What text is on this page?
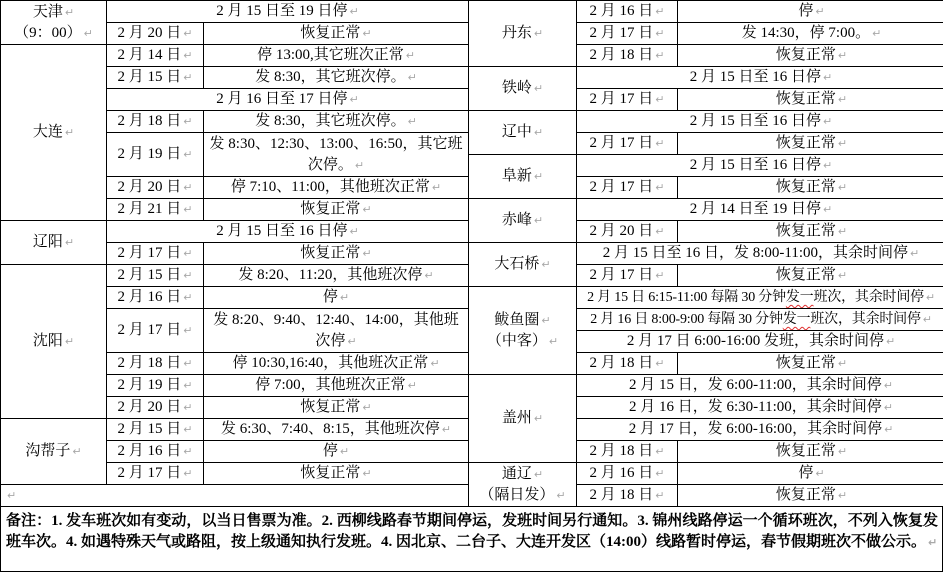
天津 ↵
（9：00） ↵	2 月 15 日至 19 日停 ↵
	2 月 20 日 ↵	恢复正常 ↵

大连 ↵	2 月 14 日 ↵	停 13:00,其它班次正常 ↵
	2 月 15 日 ↵	发 8:30，其它班次停。 ↵
	2 月 16 日至 17 日停 ↵
	2 月 18 日 ↵	发 8:30，其它班次停。 ↵
	2 月 19 日 ↵	发 8:30、12:30、13:00、16:50，其它班次停。 ↵
	2 月 20 日 ↵	停 7:10、11:00，其他班次正常 ↵
	2 月 21 日 ↵	恢复正常 ↵

辽阳 ↵	2 月 15 日至 16 日停 ↵
	2 月 17 日 ↵	恢复正常 ↵

沈阳 ↵	2 月 15 日 ↵	发 8:20、11:20，其他班次停 ↵
	2 月 16 日 ↵	停 ↵
	2 月 17 日 ↵	发 8:20、9:40、12:40、14:00，其他班次停 ↵
	2 月 18 日 ↵	停 10:30,16:40，其他班次正常 ↵
	2 月 19 日 ↵	停 7:00，其他班次正常 ↵
	2 月 20 日 ↵	恢复正常 ↵

沟帮子 ↵	2 月 15 日 ↵	发 6:30、7:40、8:15，其他班次停 ↵
	2 月 16 日 ↵	停 ↵
	2 月 17 日 ↵	恢复正常 ↵
↵
丹东 ↵	2 月 16 日 ↵	停 ↵
	2 月 17 日 ↵	发 14:30，停 7:00。 ↵
	2 月 18 日 ↵	恢复正常 ↵

铁岭 ↵	2 月 15 日至 16 日停 ↵
	2 月 17 日 ↵	恢复正常 ↵

辽中 ↵	2 月 15 日至 16 日停 ↵
	2 月 17 日 ↵	恢复正常 ↵

阜新 ↵	2 月 15 日至 16 日停 ↵
	2 月 17 日 ↵	恢复正常 ↵

赤峰 ↵	2 月 14 日至 19 日停 ↵
	2 月 20 日 ↵	恢复正常 ↵

大石桥 ↵	2 月 15 日至 16 日，发 8:00-11:00，其余时间停 ↵
	2 月 17 日 ↵	恢复正常 ↵

鲅鱼圈 ↵
（中客） ↵	2 月 15 日 6:15-11:00 每隔 30 分钟发一班次，其余时间停 ↵
	2 月 16 日 8:00-9:00 每隔 30 分钟发一班次，其余时间停 ↵
	2 月 17 日 6:00-16:00 发班，其余时间停 ↵
	2 月 18 日 ↵	恢复正常 ↵

盖州 ↵	2 月 15 日，发 6:00-11:00，其余时间停 ↵
	2 月 16 日，发 6:30-11:00，其余时间停 ↵
	2 月 17 日，发 6:00-16:00，其余时间停 ↵
	2 月 18 日 ↵	恢复正常 ↵

通辽 ↵
（隔日发） ↵	2 月 16 日 ↵	停 ↵
	2 月 18 日 ↵	恢复正常 ↵
备注：1. 发车班次如有变动，以当日售票为准。2. 西柳线路春节期间停运，发班时间另行通知。3. 锦州线路停运一个循环班次，不列入恢复发班车次。4. 如遇特殊天气或路阻，按上级通知执行发班。4. 因北京、二台子、大连开发区（14:00）线路暂时停运，春节假期班次不做公示。 ↵
